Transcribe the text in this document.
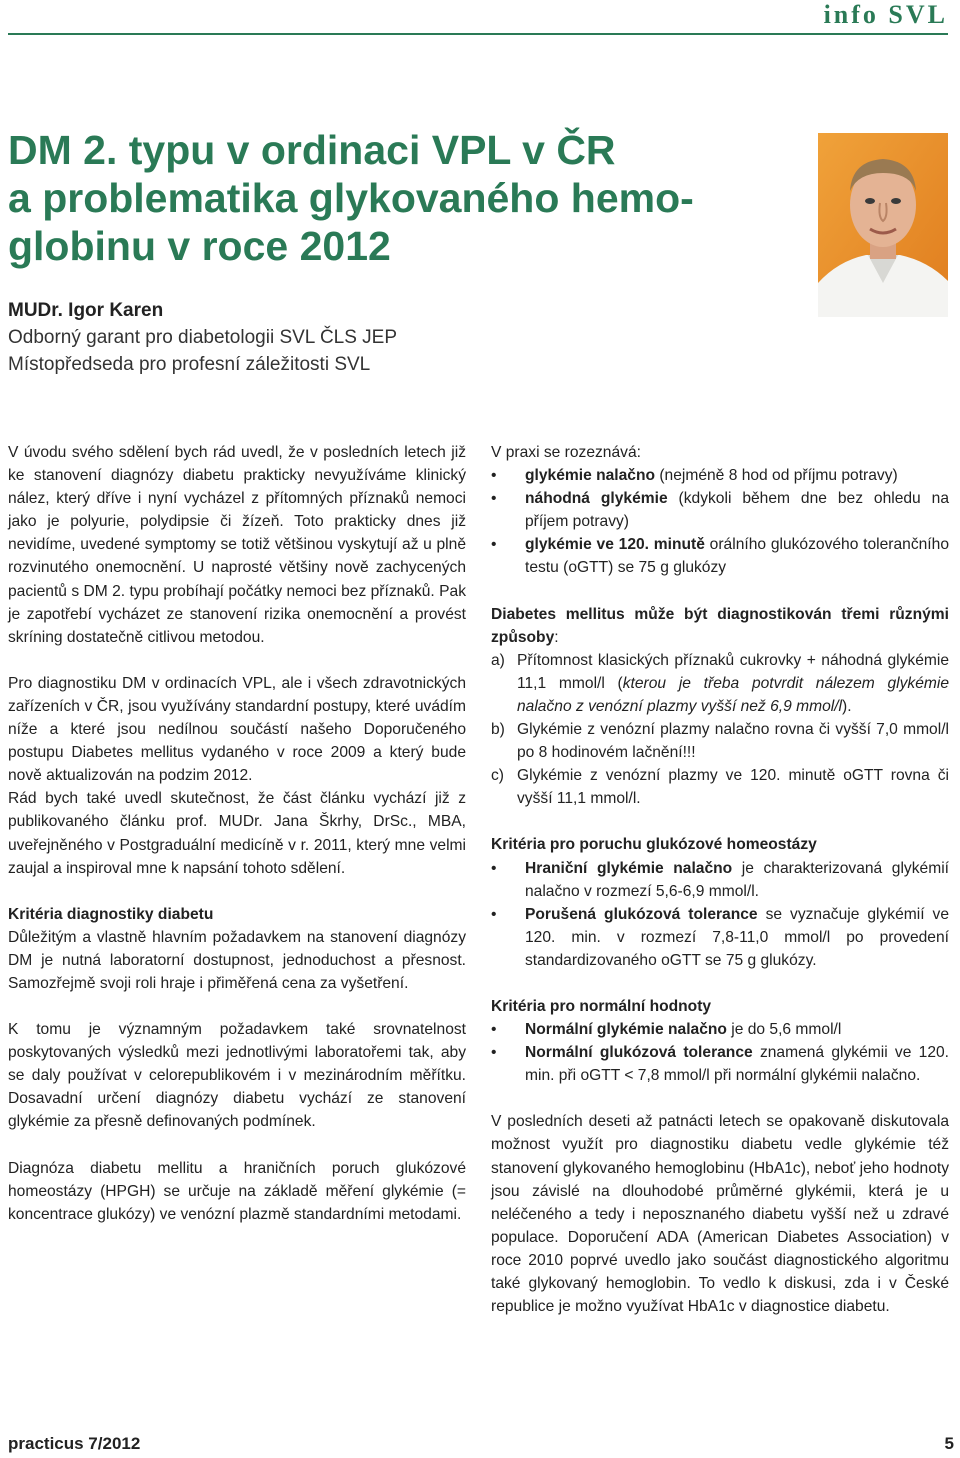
info SVL
DM 2. typu v ordinaci VPL v ČR
a problematika glykovaného hemo-
globinu v roce 2012
MUDr. Igor Karen
Odborný garant pro diabetologii SVL ČLS JEP
Místopředseda pro profesní záležitosti SVL

V úvodu svého sdělení bych rád uvedl, že v posledních letech již ke stanovení diagnózy diabetu prakticky nevyužíváme klinický nález, který dříve i nyní vycházel z přítomných příznaků nemoci jako je polyurie, polydipsie či žízeň. Toto prakticky dnes již nevidíme, uvedené symptomy se totiž většinou vyskytují až u plně rozvinutého onemocnění. U naprosté většiny nově zachycených pacientů s DM 2. typu probíhají počátky nemoci bez příznaků. Pak je zapotřebí vycházet ze stanovení rizika onemocnění a provést skríning dostatečně citlivou metodou.

Pro diagnostiku DM v ordinacích VPL, ale i všech zdravotnických zařízeních v ČR, jsou využívány standardní postupy, které uvádím níže a které jsou nedílnou součástí našeho Doporučeného postupu Diabetes mellitus vydaného v roce 2009 a který bude nově aktualizován na podzim 2012.

Rád bych také uvedl skutečnost, že část článku vychází již z publikovaného článku prof. MUDr. Jana Škrhy, DrSc., MBA, uveřejněného v Postgraduální medicíně v r. 2011, který mne velmi zaujal a inspiroval mne k napsání tohoto sdělení.

Kritéria diagnostiky diabetu

Důležitým a vlastně hlavním požadavkem na stanovení diagnózy DM je nutná laboratorní dostupnost, jednoduchost a přesnost. Samozřejmě svoji roli hraje i přiměřená cena za vyšetření.

K tomu je významným požadavkem také srovnatelnost poskytovaných výsledků mezi jednotlivými laboratořemi tak, aby se daly používat v celorepublikovém i v mezinárodním měřítku. Dosavadní určení diagnózy diabetu vychází ze stanovení glykémie za přesně definovaných podmínek.

Diagnóza diabetu mellitu a hraničních poruch glukózové homeostázy (HPGH) se určuje na základě měření glykémie (= koncentrace glukózy) ve venózní plazmě standardními metodami.

V praxi se rozeznává:

•	glykémie nalačno (nejméně 8 hod od příjmu potravy)
•	náhodná glykémie (kdykoli během dne bez ohledu na příjem potravy)
•	glykémie ve 120. minutě orálního glukózového tolerančního testu (oGTT) se 75 g glukózy

Diabetes mellitus může být diagnostikován třemi různými způsoby:

a) Přítomnost klasických příznaků cukrovky + náhodná glykémie 11,1 mmol/l (kterou je třeba potvrdit nálezem glykémie nalačno z venózní plazmy vyšší než 6,9 mmol/l).
b) Glykémie z venózní plazmy nalačno rovna či vyšší 7,0 mmol/l po 8 hodinovém lačnění!!!
c) Glykémie z venózní plazmy ve 120. minutě oGTT rovna či vyšší 11,1 mmol/l.

Kritéria pro poruchu glukózové homeostázy

•	Hraniční glykémie nalačno je charakterizovaná glykémií nalačno v rozmezí 5,6-6,9 mmol/l.
•	Porušená glukózová tolerance se vyznačuje glykémií ve 120. min. v rozmezí 7,8-11,0 mmol/l po provedení standardizovaného oGTT se 75 g glukózy.

Kritéria pro normální hodnoty

•	Normální glykémie nalačno je do 5,6 mmol/l
•	Normální glukózová tolerance znamená glykémii ve 120. min. při oGTT < 7,8 mmol/l při normální glykémii nalačno.

V posledních deseti až patnácti letech se opakovaně diskutovala možnost využít pro diagnostiku diabetu vedle glykémie též stanovení glykovaného hemoglobinu (HbA1c), neboť jeho hodnoty jsou závislé na dlouhodobé průměrné glykémii, která je u neléčeného a tedy i neposznaného diabetu vyšší než u zdravé populace. Doporučení ADA (American Diabetes Association) v roce 2010 poprvé uvedlo jako součást diagnostického algoritmu také glykovaný hemoglobin. To vedlo k diskusi, zda i v České republice je možno využívat HbA1c v diagnostice diabetu.

practicus 7/2012	5
